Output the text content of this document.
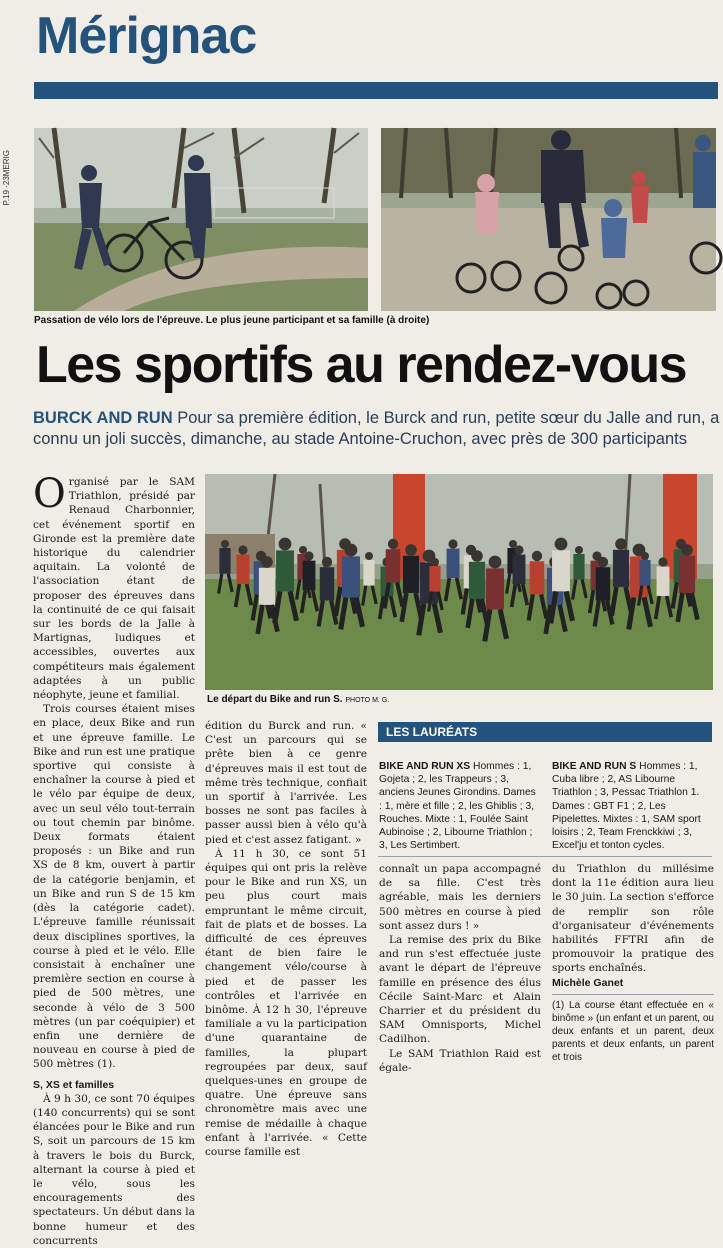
Mérignac
P.19 ·23MERIG
Passation de vélo lors de l'épreuve. Le plus jeune participant et sa famille (à droite)
Les sportifs au rendez-vous
BURCK AND RUN Pour sa première édition, le Burck and run, petite sœur du Jalle and run, a connu un joli succès, dimanche, au stade Antoine-Cruchon, avec près de 300 participants

Organisé par le SAM Triathlon, présidé par Renaud Charbonnier, cet événement sportif en Gironde est la première date historique du calendrier aquitain. La volonté de l'association étant de proposer des épreuves dans la continuité de ce qui faisait sur les bords de la Jalle à Martignas, ludiques et accessibles, ouvertes aux compétiteurs mais également adaptées à un public néophyte, jeune et familial.

Trois courses étaient mises en place, deux Bike and run et une épreuve famille. Le Bike and run est une pratique sportive qui consiste à enchaîner la course à pied et le vélo par équipe de deux, avec un seul vélo tout-terrain ou tout chemin par binôme. Deux formats étaient proposés : un Bike and run XS de 8 km, ouvert à partir de la catégorie benjamin, et un Bike and run S de 15 km (dès la catégorie cadet). L'épreuve famille réunissait deux disciplines sportives, la course à pied et le vélo. Elle consistait à enchaîner une première section en course à pied de 500 mètres, une seconde à vélo de 3 500 mètres (un par coéquipier) et enfin une dernière de nouveau en course à pied de 500 mètres (1).

S, XS et familles

À 9 h 30, ce sont 70 équipes (140 concurrents) qui se sont élancées pour le Bike and run S, soit un parcours de 15 km à travers le bois du Burck, alternant la course à pied et le vélo, sous les encouragements des spectateurs. Un début dans la bonne humeur et des concurrents

Le départ du Bike and run S. PHOTO M. G.

édition du Burck and run. « C'est un parcours qui se prête bien à ce genre d'épreuves mais il est tout de même très technique, confiait un sportif à l'arrivée. Les bosses ne sont pas faciles à passer aussi bien à vélo qu'à pied et c'est assez fatigant. »

À 11 h 30, ce sont 51 équipes qui ont pris la relève pour le Bike and run XS, un peu plus court mais empruntant le même circuit, fait de plats et de bosses. La difficulté de ces épreuves étant de bien faire le changement vélo/course à pied et de passer les contrôles et l'arrivée en binôme. À 12 h 30, l'épreuve familiale a vu la participation d'une quarantaine de familles, la plupart regroupées par deux, sauf quelques-unes en groupe de quatre. Une épreuve sans chronomètre mais avec une remise de médaille à chaque enfant à l'arrivée. « Cette course famille est

LES LAURÉATS
BIKE AND RUN XS Hommes : 1, Gojeta ; 2, les Trappeurs ; 3, anciens Jeunes Girondins. Dames : 1, mère et fille ; 2, les Ghiblis ; 3, Rouches. Mixte : 1, Foulée Saint Aubinoise ; 2, Libourne Triathlon ; 3, Les Sertimbert.
BIKE AND RUN S Hommes : 1, Cuba libre ; 2, AS Libourne Triathlon ; 3, Pessac Triathlon 1. Dames : GBT F1 ; 2, Les Pipelettes. Mixtes : 1, SAM sport loisirs ; 2, Team Frenckkiwi ; 3, Excel'ju et tonton cycles.

connaît un papa accompagné de sa fille. C'est très agréable, mais les derniers 500 mètres en course à pied sont assez durs ! »

La remise des prix du Bike and run s'est effectuée juste avant le départ de l'épreuve famille en présence des élus Cécile Saint-Marc et Alain Charrier et du président du SAM Omnisports, Michel Cadilhon.

Le SAM Triathlon Raid est égale-

du Triathlon du millésime dont la 11e édition aura lieu le 30 juin. La section s'efforce de remplir son rôle d'organisateur d'événements habilités FFTRI afin de promouvoir la pratique des sports enchaînés.

Michèle Ganet
(1) La course étant effectuée en « binôme » (un enfant et un parent, ou deux enfants et un parent, deux parents et deux enfants, un parent et trois
